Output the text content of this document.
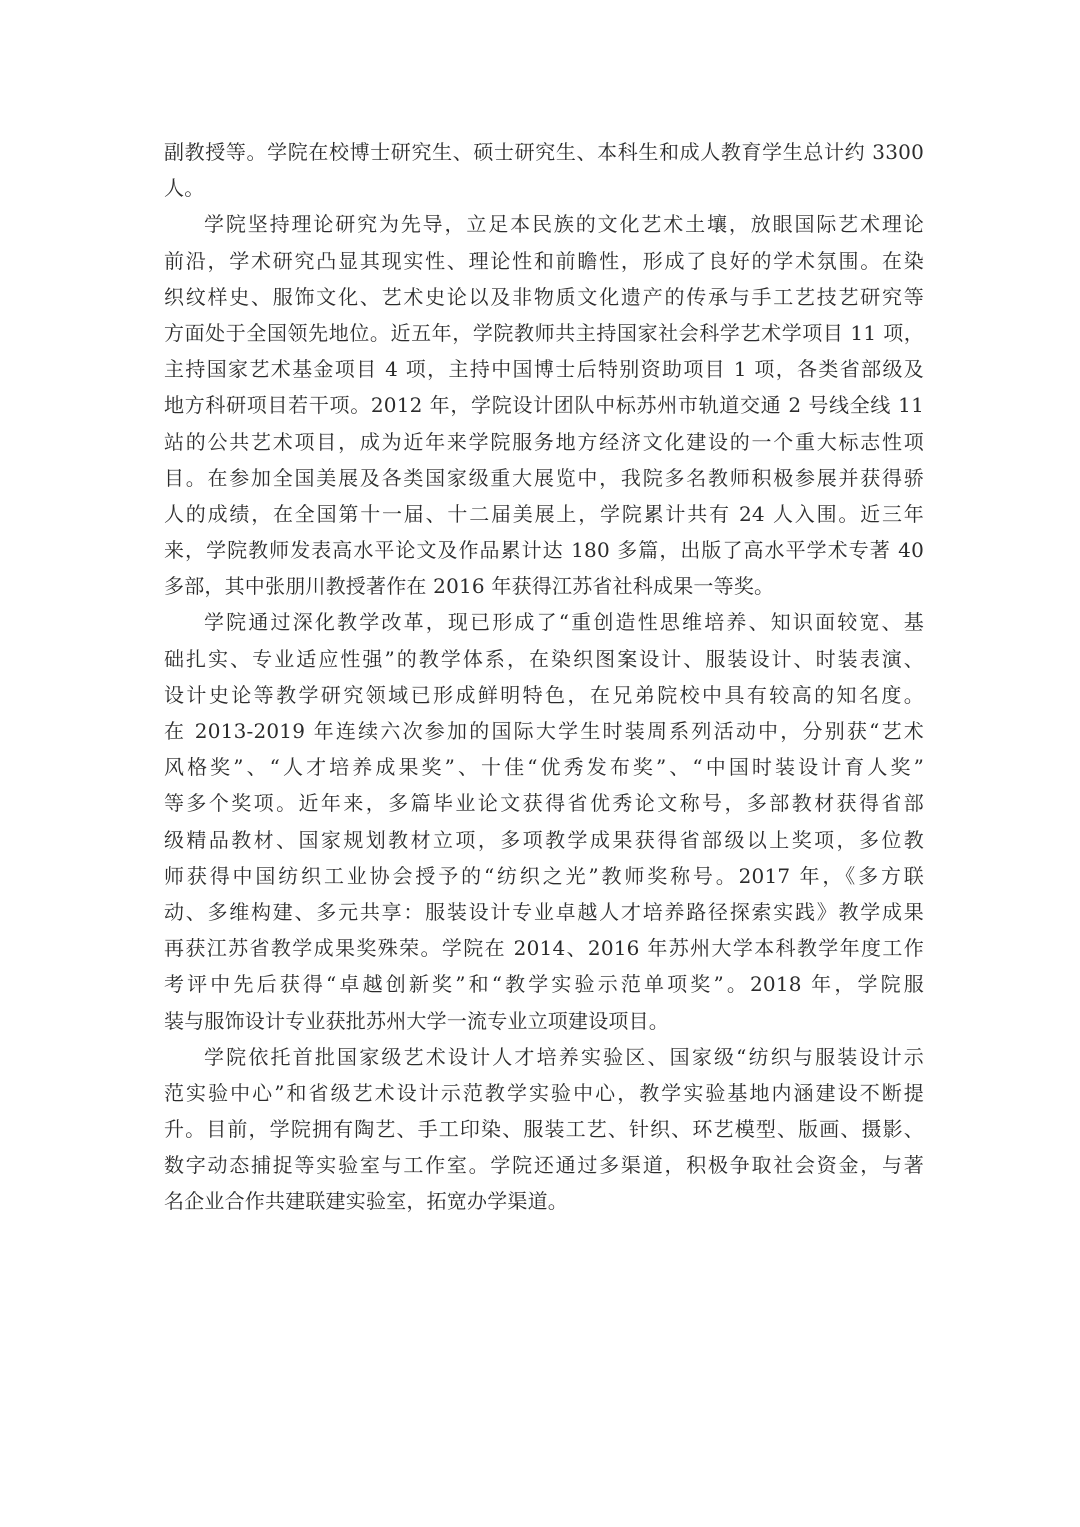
副教授等。学院在校博士研究生、硕士研究生、本科生和成人教育学生总计约 3300
人。
学院坚持理论研究为先导，立足本民族的文化艺术土壤，放眼国际艺术理论
前沿，学术研究凸显其现实性、理论性和前瞻性，形成了良好的学术氛围。在染
织纹样史、服饰文化、艺术史论以及非物质文化遗产的传承与手工艺技艺研究等
方面处于全国领先地位。近五年，学院教师共主持国家社会科学艺术学项目 11 项，
主持国家艺术基金项目 4 项，主持中国博士后特别资助项目 1 项，各类省部级及
地方科研项目若干项。2012 年，学院设计团队中标苏州市轨道交通 2 号线全线 11
站的公共艺术项目，成为近年来学院服务地方经济文化建设的一个重大标志性项
目。在参加全国美展及各类国家级重大展览中，我院多名教师积极参展并获得骄
人的成绩，在全国第十一届、十二届美展上，学院累计共有 24 人入围。近三年
来，学院教师发表高水平论文及作品累计达 180 多篇，出版了高水平学术专著 40
多部，其中张朋川教授著作在 2016 年获得江苏省社科成果一等奖。
学院通过深化教学改革，现已形成了“重创造性思维培养、知识面较宽、基
础扎实、专业适应性强”的教学体系，在染织图案设计、服装设计、时装表演、
设计史论等教学研究领域已形成鲜明特色，在兄弟院校中具有较高的知名度。
在 2013-2019 年连续六次参加的国际大学生时装周系列活动中，分别获“艺术
风格奖”、“人才培养成果奖”、十佳“优秀发布奖”、“中国时装设计育人奖”
等多个奖项。近年来，多篇毕业论文获得省优秀论文称号，多部教材获得省部
级精品教材、国家规划教材立项，多项教学成果获得省部级以上奖项，多位教
师获得中国纺织工业协会授予的“纺织之光”教师奖称号。2017 年，《多方联
动、多维构建、多元共享：服装设计专业卓越人才培养路径探索实践》教学成果
再获江苏省教学成果奖殊荣。学院在 2014、2016 年苏州大学本科教学年度工作
考评中先后获得“卓越创新奖”和“教学实验示范单项奖”。2018 年，学院服
装与服饰设计专业获批苏州大学一流专业立项建设项目。
学院依托首批国家级艺术设计人才培养实验区、国家级“纺织与服装设计示
范实验中心”和省级艺术设计示范教学实验中心，教学实验基地内涵建设不断提
升。目前，学院拥有陶艺、手工印染、服装工艺、针织、环艺模型、版画、摄影、
数字动态捕捉等实验室与工作室。学院还通过多渠道，积极争取社会资金，与著
名企业合作共建联建实验室，拓宽办学渠道。
